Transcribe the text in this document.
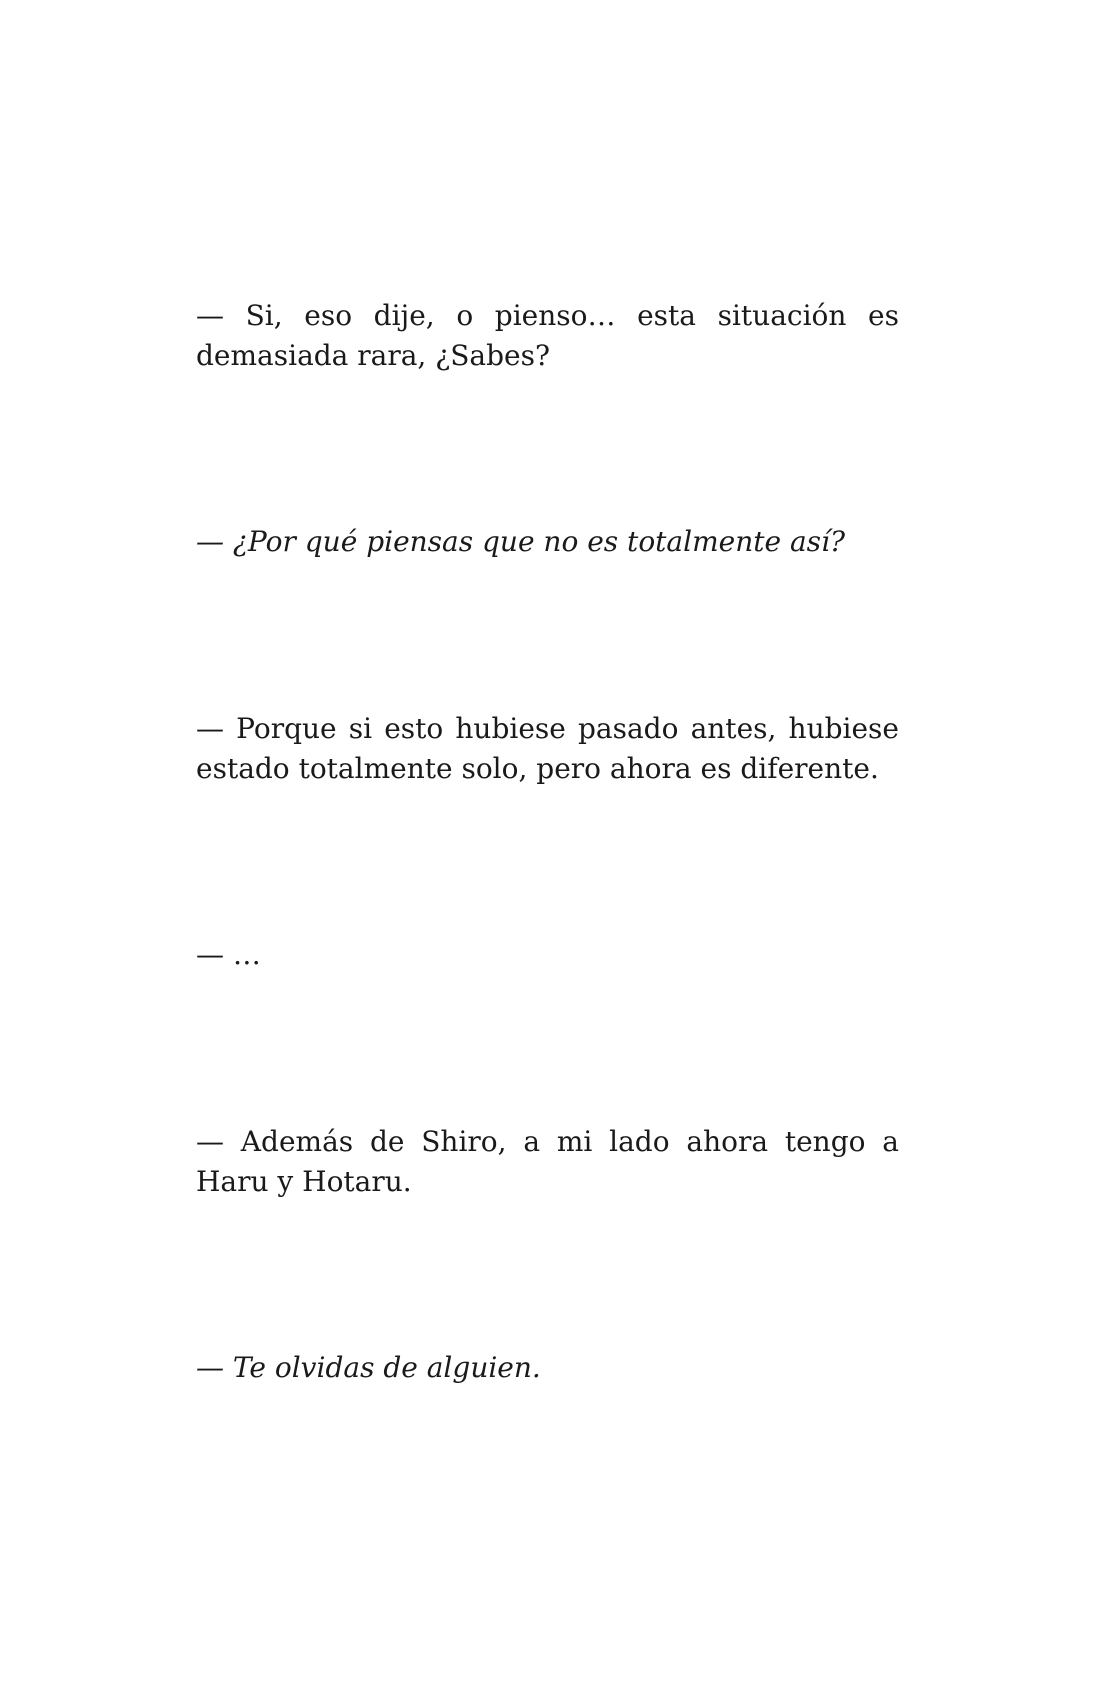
— Si, eso dije, o pienso… esta situación es demasiada rara, ¿Sabes?

— ¿Por qué piensas que no es totalmente así?

— Porque si esto hubiese pasado antes, hubiese estado totalmente solo, pero ahora es diferente.

— …

— Además de Shiro, a mi lado ahora tengo a Haru y Hotaru.

— Te olvidas de alguien.
